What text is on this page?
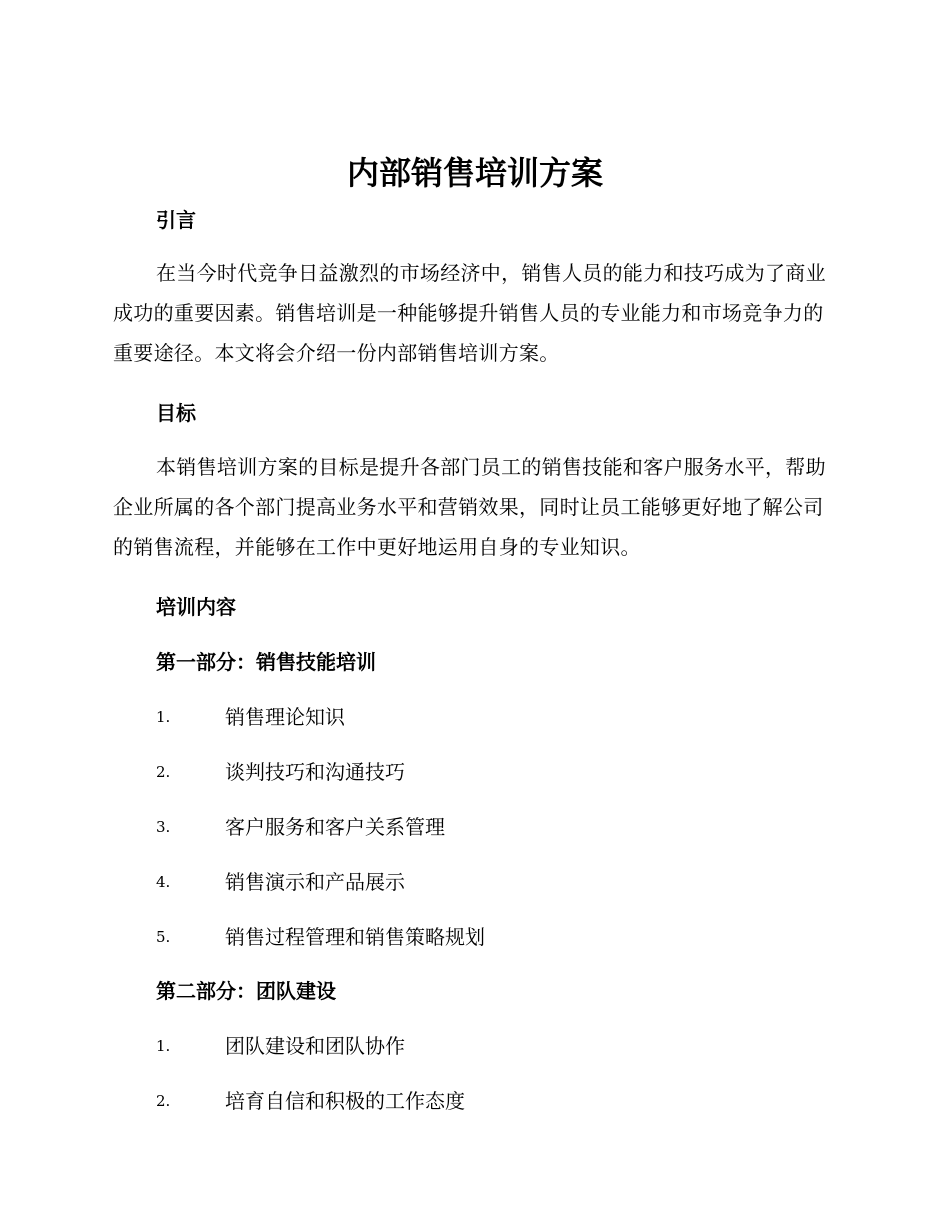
内部销售培训方案
引言

在当今时代竞争日益激烈的市场经济中，销售人员的能力和技巧成为了商业成功的重要因素。销售培训是一种能够提升销售人员的专业能力和市场竞争力的重要途径。本文将会介绍一份内部销售培训方案。

目标

本销售培训方案的目标是提升各部门员工的销售技能和客户服务水平，帮助企业所属的各个部门提高业务水平和营销效果，同时让员工能够更好地了解公司的销售流程，并能够在工作中更好地运用自身的专业知识。

培训内容
第一部分：销售技能培训
1.	销售理论知识
2.	谈判技巧和沟通技巧
3.	客户服务和客户关系管理
4.	销售演示和产品展示
5.	销售过程管理和销售策略规划
第二部分：团队建设
1.	团队建设和团队协作
2.	培育自信和积极的工作态度
